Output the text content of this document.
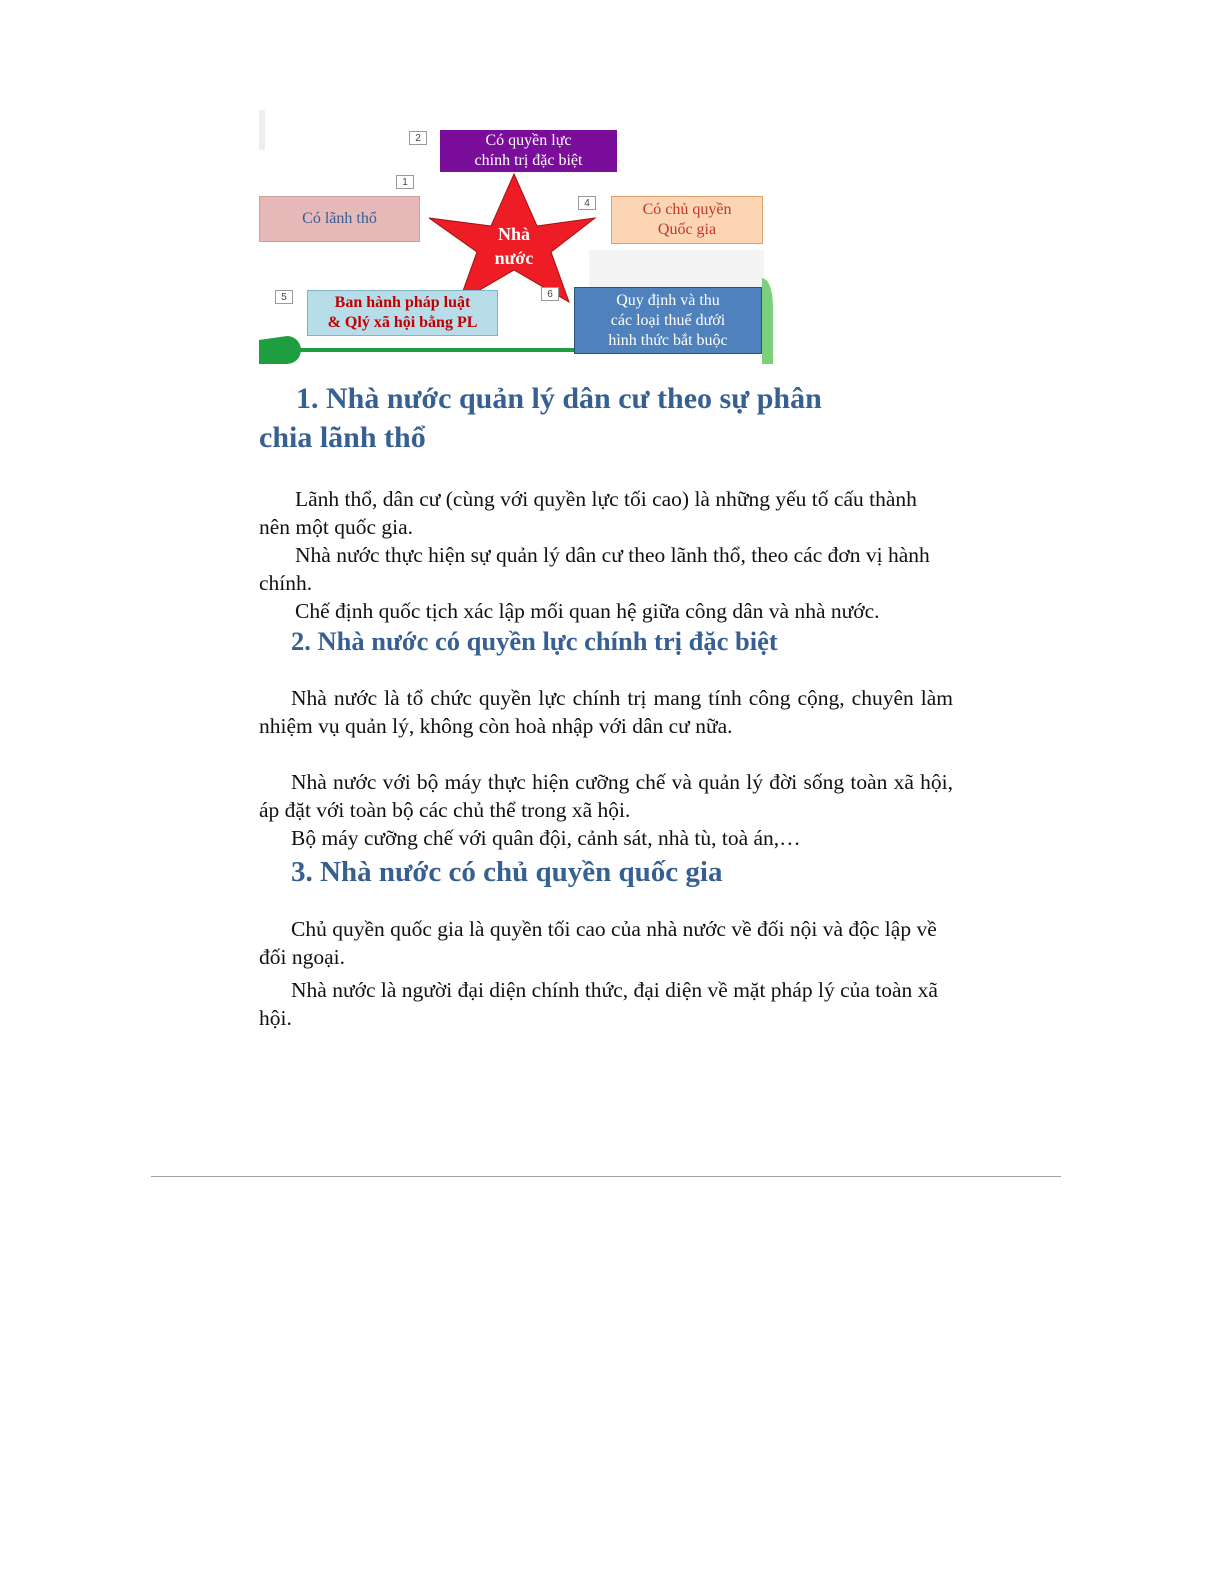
Nhà
nước
2
1
4
5	6
Có quyền lực
chính trị đặc biệt
Có lãnh thổ
Có chủ quyền
Quốc gia
Ban hành pháp luật
& Qlý xã hội bằng PL
Quy định và thu
các loại thuế dưới
hình thức bắt buộc
1. Nhà nước quản lý dân cư theo sự phân
chia lãnh thổ

Lãnh thổ, dân cư (cùng với quyền lực tối cao) là những yếu tố cấu thành nên một quốc gia.

Nhà nước thực hiện sự quản lý dân cư theo lãnh thổ, theo các đơn vị hành chính.

Chế định quốc tịch xác lập mối quan hệ giữa công dân và nhà nước.

2. Nhà nước có quyền lực chính trị đặc biệt

Nhà nước là tổ chức quyền lực chính trị mang tính công cộng, chuyên làm nhiệm vụ quản lý, không còn hoà nhập với dân cư nữa.

Nhà nước với bộ máy thực hiện cưỡng chế và quản lý đời sống toàn xã hội, áp đặt với toàn bộ các chủ thể trong xã hội.

Bộ máy cưỡng chế với quân đội, cảnh sát, nhà tù, toà án,…

3. Nhà nước có chủ quyền quốc gia

Chủ quyền quốc gia là quyền tối cao của nhà nước về đối nội và độc lập về đối ngoại.

Nhà nước là người đại diện chính thức, đại diện về mặt pháp lý của toàn xã hội.
